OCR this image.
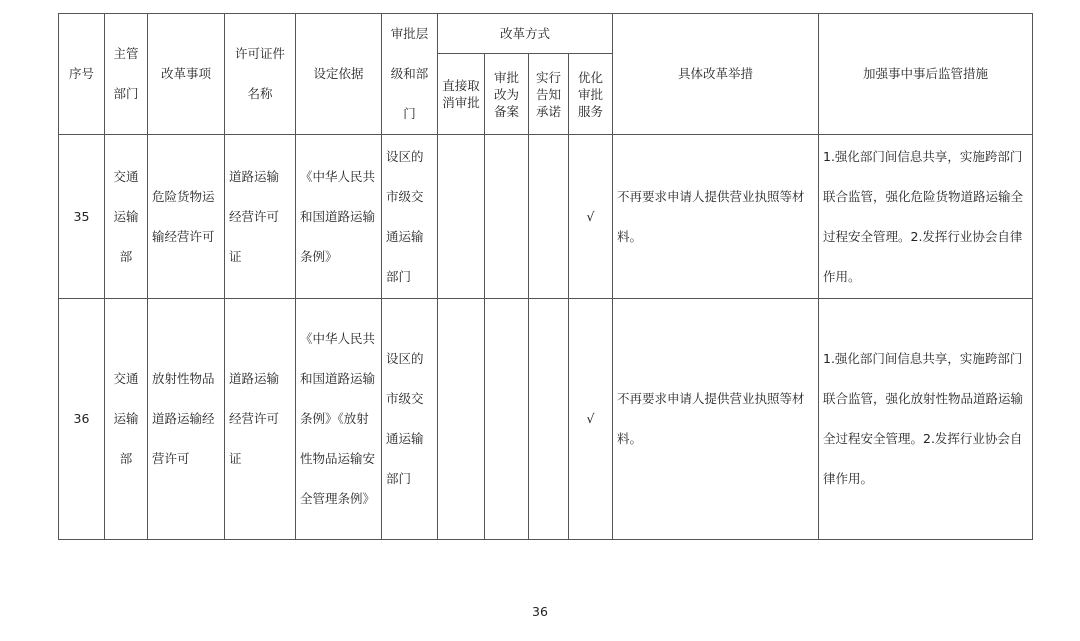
序号	主管部门	改革事项	许可证件名称	设定依据	审批层级和部门	改革方式				具体改革举措	加强事中事后监管措施
						直接取消审批	审批改为备案	实行告知承诺	优化审批服务		
35	交通运输部	危险货物运输经营许可	道路运输经营许可证	《中华人民共和国道路运输条例》	设区的市级交通运输部门				√	不再要求申请人提供营业执照等材料。	1.强化部门间信息共享，实施跨部门联合监管，强化危险货物道路运输全过程安全管理。2.发挥行业协会自律作用。
36	交通运输部	放射性物品道路运输经营许可	道路运输经营许可证	《中华人民共和国道路运输条例》《放射性物品运输安全管理条例》	设区的市级交通运输部门				√	不再要求申请人提供营业执照等材料。	1.强化部门间信息共享，实施跨部门联合监管，强化放射性物品道路运输全过程安全管理。2.发挥行业协会自律作用。
36
